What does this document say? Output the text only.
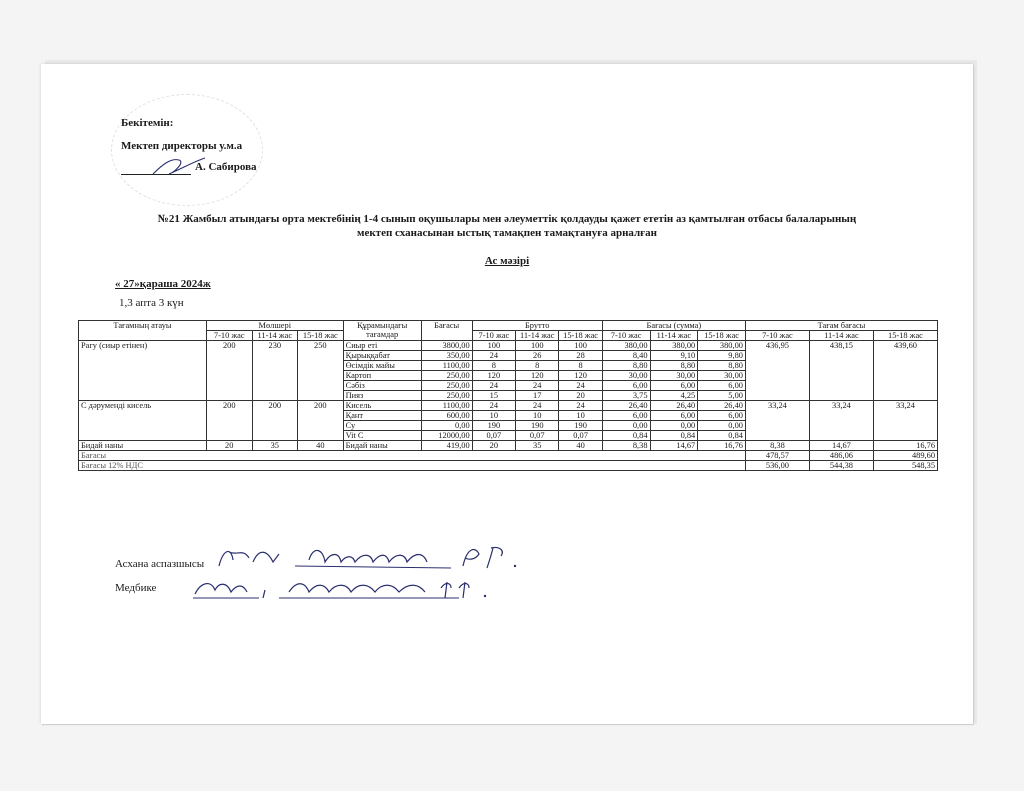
Бекітемін:
Мектеп директоры у.м.а
А. Сабирова
№21 Жамбыл атындағы орта мектебінің 1-4 сынып оқушылары мен әлеуметтік қолдауды қажет ететін аз қамтылған отбасы балаларының
мектеп сханасынан ыстық тамақпен тамақтануға арналған
Ас мәзірі
« 27»қараша 2024ж
1,3 апта 3 күн
Тағамның атауы	Мөлшері			Құрамындағы тағамдар	Бағасы	Брутто			Бағасы (сумма)			Тағам бағасы		
	7-10 жас	11-14 жас	15-18 жас			7-10 жас	11-14 жас	15-18 жас	7-10 жас	11-14 жас	15-18 жас	7-10 жас	11-14 жас	15-18 жас
Рагу (сиыр етінен)	200	230	250	Сиыр еті	3800,00	100	100	100	380,00	380,00	380,00	436,95	438,15	439,60
				Қырыққабат	350,00	24	26	28	8,40	9,10	9,80			
				Өсімдік майы	1100,00	8	8	8	8,80	8,80	8,80			
				Картоп	250,00	120	120	120	30,00	30,00	30,00			
				Сәбіз	250,00	24	24	24	6,00	6,00	6,00			
				Пияз	250,00	15	17	20	3,75	4,25	5,00			
С дәруменді кисель	200	200	200	Кисель	1100,00	24	24	24	26,40	26,40	26,40	33,24	33,24	33,24
				Қант	600,00	10	10	10	6,00	6,00	6,00			
				Су	0,00	190	190	190	0,00	0,00	0,00			
				Vit C	12000,00	0,07	0,07	0,07	0,84	0,84	0,84			
Бидай наны	20	35	40	Бидай наны	419,00	20	35	40	8,38	14,67	16,76	8,38	14,67	16,76
Бағасы												478,57	486,06	489,60
Бағасы 12% НДС												536,00	544,38	548,35
Асхана аспазшысы
Медбике
